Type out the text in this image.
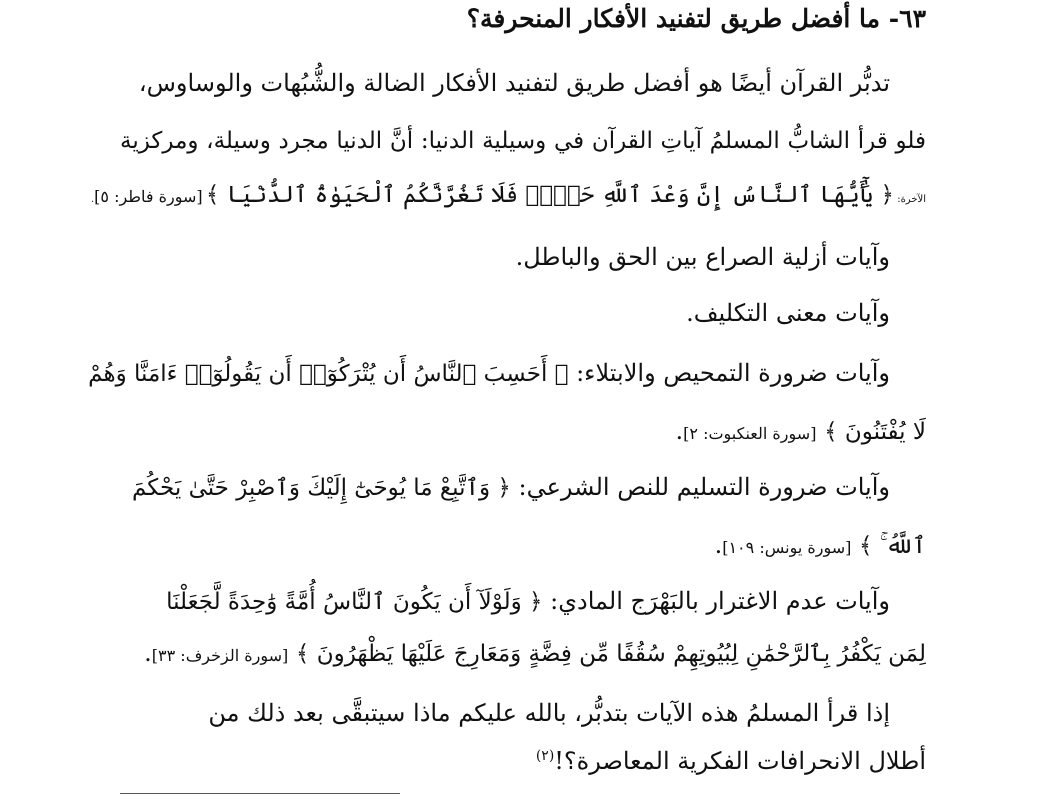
٦٣- ما أفضل طريق لتفنيد الأفكار المنحرفة؟

تدبُّر القرآن أيضًا هو أفضل طريق لتفنيد الأفكار الضالة والشُّبُهات والوساوس،

فلو قرأ الشابُّ المسلمُ آياتِ القرآن في وسيلية الدنيا: أنَّ الدنيا مجرد وسيلة، ومركزية

الآخرة: ﴿ يَٰٓأَيُّهَا ٱلنَّاسُ إِنَّ وَعْدَ ٱللَّهِ حَقٌّۖ فَلَا تَغُرَّنَّكُمُ ٱلْحَيَوٰةُ ٱلدُّنْيَا ﴾ [سورة فاطر: ٥].

وآيات أزلية الصراع بين الحق والباطل.

وآيات معنى التكليف.

وآيات ضرورة التمحيص والابتلاء: ﴿ أَحَسِبَ ٱلنَّاسُ أَن يُتْرَكُوٓا۟ أَن يَقُولُوٓا۟ ءَامَنَّا وَهُمْ

لَا يُفْتَنُونَ ﴾ [سورة العنكبوت: ٢].

وآيات ضرورة التسليم للنص الشرعي: ﴿ وَٱتَّبِعْ مَا يُوحَىٰٓ إِلَيْكَ وَٱصْبِرْ حَتَّىٰ يَحْكُمَ

ٱللَّهُ ۚ ﴾ [سورة يونس: ١٠٩].

وآيات عدم الاغترار بالبَهْرَج المادي: ﴿ وَلَوْلَآ أَن يَكُونَ ٱلنَّاسُ أُمَّةً وَٰحِدَةً لَّجَعَلْنَا

لِمَن يَكْفُرُ بِٱلرَّحْمَٰنِ لِبُيُوتِهِمْ سُقُفًا مِّن فِضَّةٍ وَمَعَارِجَ عَلَيْهَا يَظْهَرُونَ ﴾ [سورة الزخرف: ٣٣].

إذا قرأ المسلمُ هذه الآيات بتدبُّر، بالله عليكم ماذا سيتبقَّى بعد ذلك من

أطلال الانحرافات الفكرية المعاصرة؟!$^{(٢)}$
